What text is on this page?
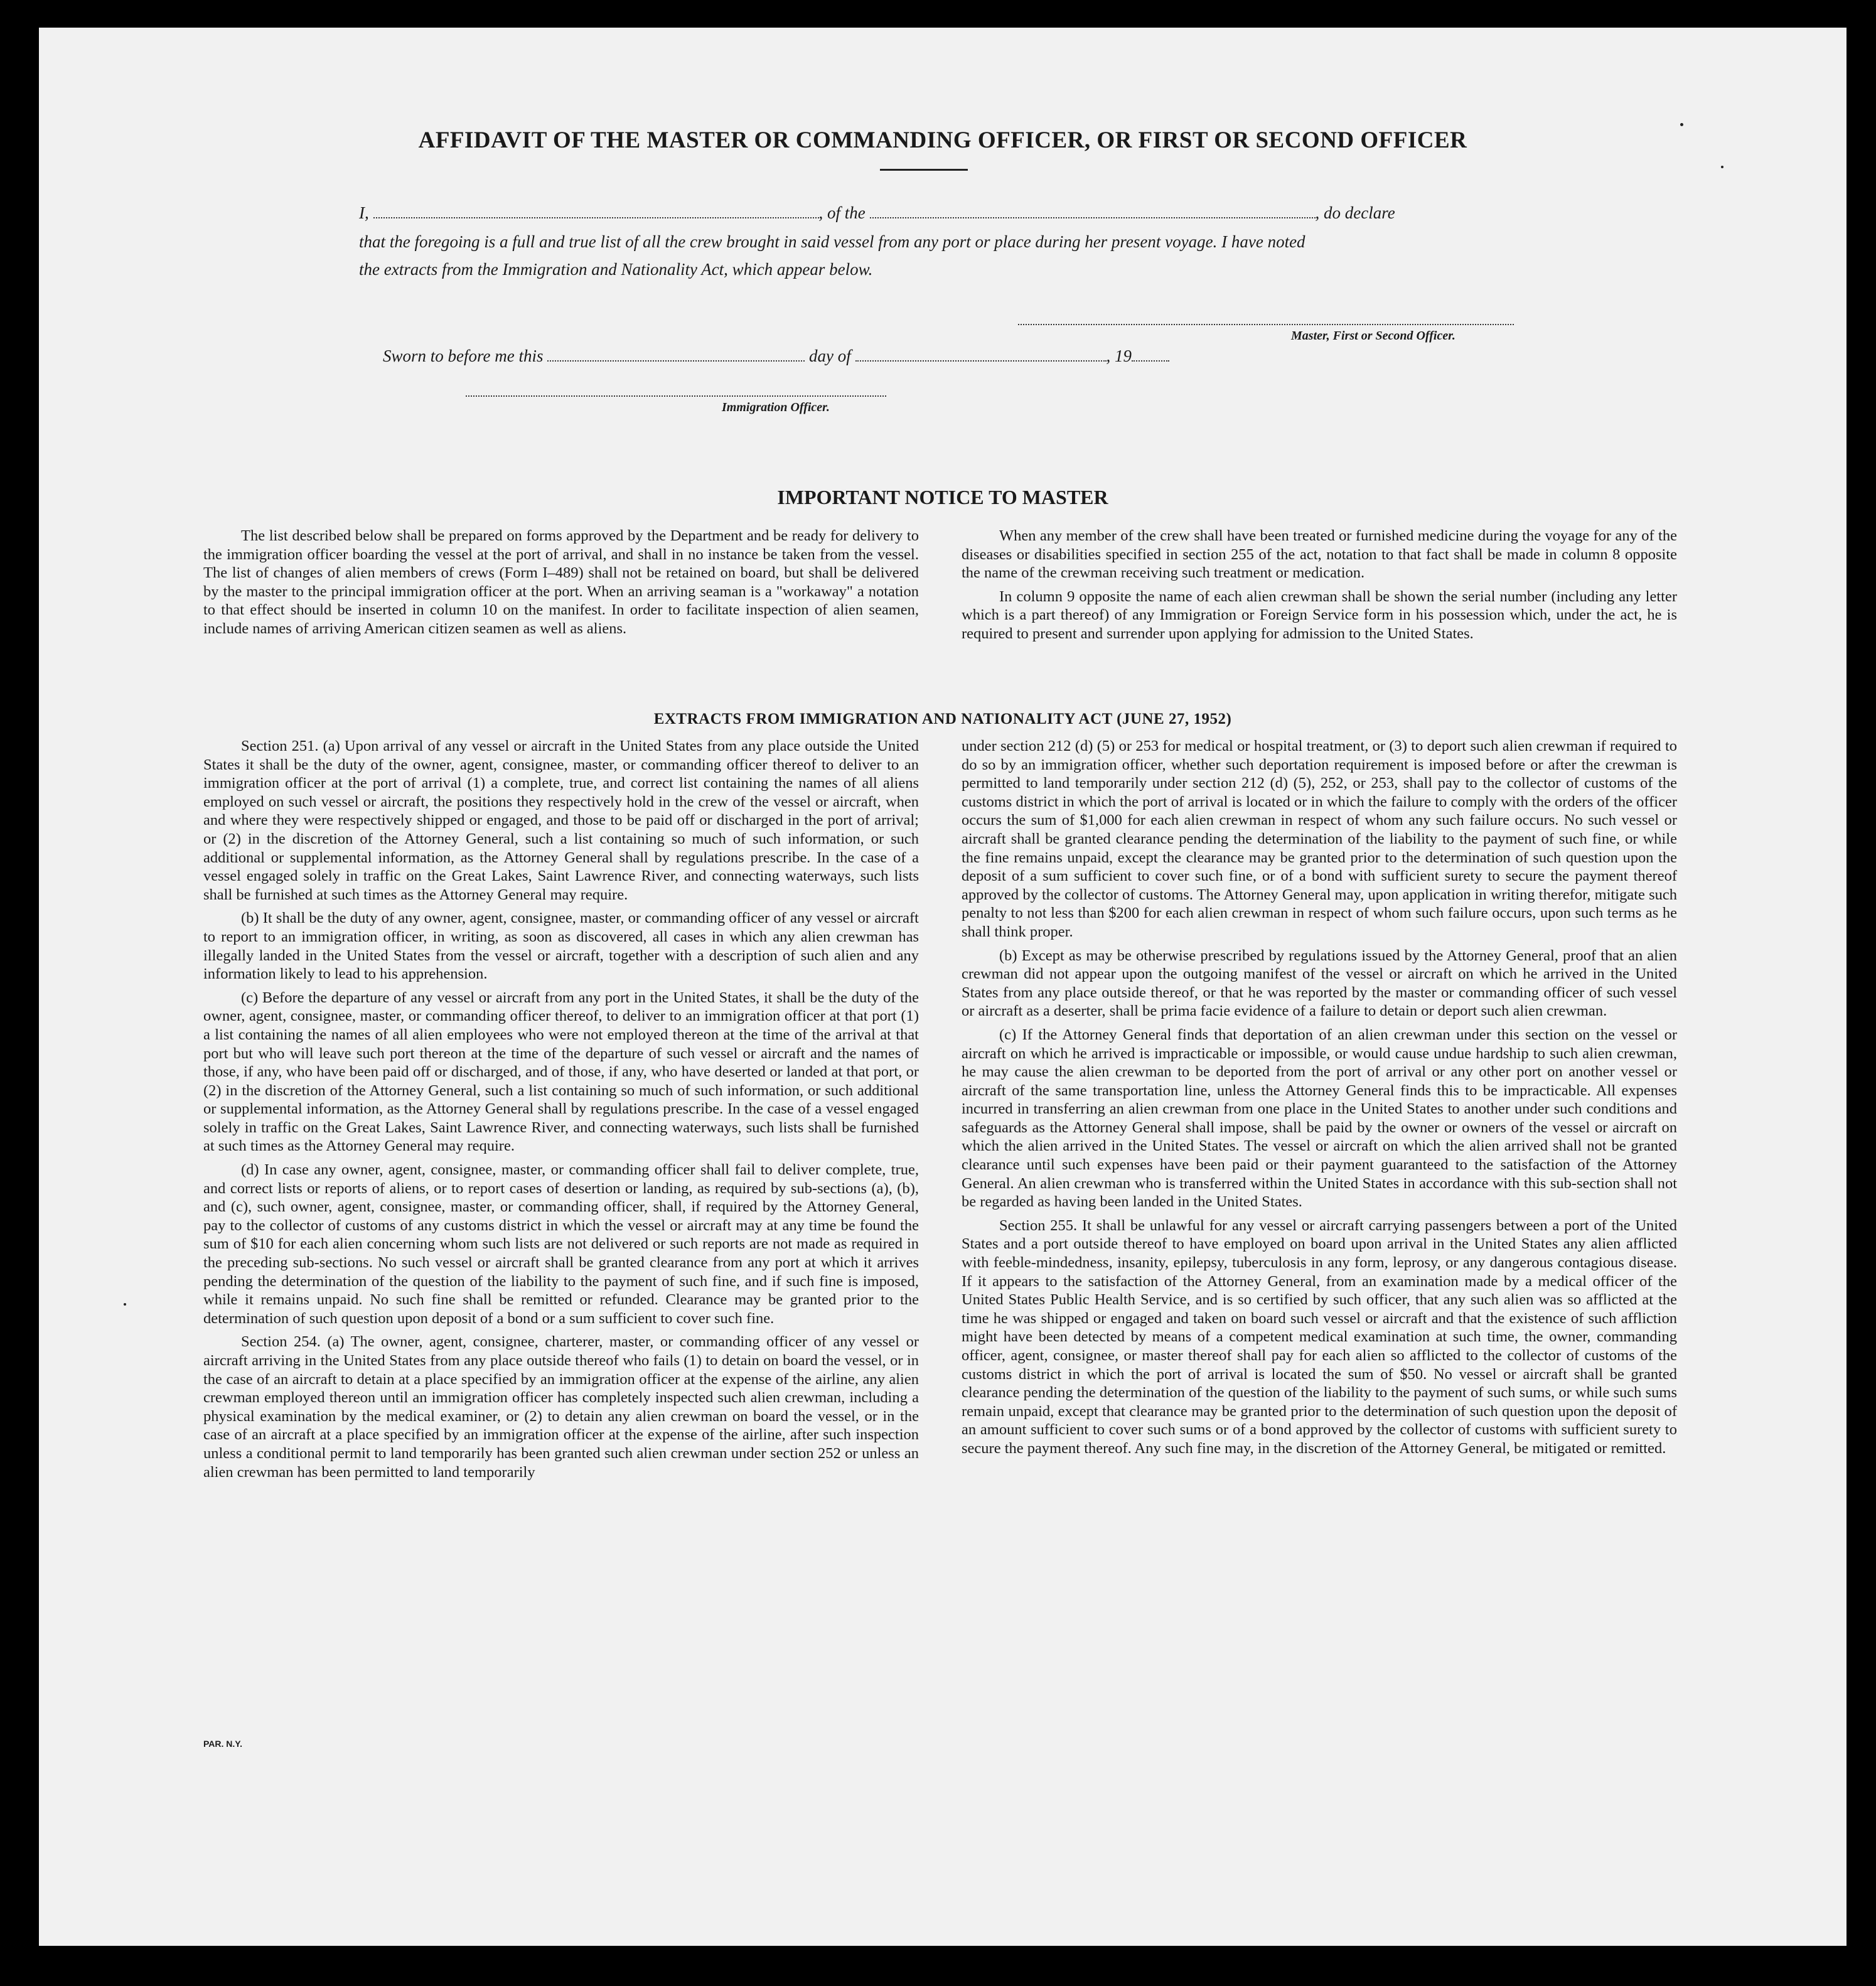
AFFIDAVIT OF THE MASTER OR COMMANDING OFFICER, OR FIRST OR SECOND OFFICER
I,	, of the	, do declare
that the foregoing is a full and true list of all the crew brought in said vessel from any port or place during her present voyage. I have noted
the extracts from the Immigration and Nationality Act, which appear below.
Master, First or Second Officer.
Sworn to before me this	day of	, 19
Immigration Officer.
IMPORTANT NOTICE TO MASTER

The list described below shall be prepared on forms approved by the Department and be ready for delivery to the immigration officer boarding the vessel at the port of arrival, and shall in no instance be taken from the vessel. The list of changes of alien members of crews (Form I–489) shall not be retained on board, but shall be delivered by the master to the principal immigration officer at the port. When an arriving seaman is a "workaway" a notation to that effect should be inserted in column 10 on the manifest. In order to facilitate inspection of alien seamen, include names of arriving American citizen seamen as well as aliens.

When any member of the crew shall have been treated or furnished medicine during the voyage for any of the diseases or disabilities specified in section 255 of the act, notation to that fact shall be made in column 8 opposite the name of the crewman receiving such treatment or medication.

In column 9 opposite the name of each alien crewman shall be shown the serial number (including any letter which is a part thereof) of any Immigration or Foreign Service form in his possession which, under the act, he is required to present and surrender upon applying for admission to the United States.

EXTRACTS FROM IMMIGRATION AND NATIONALITY ACT (JUNE 27, 1952)

Section 251. (a) Upon arrival of any vessel or aircraft in the United States from any place outside the United States it shall be the duty of the owner, agent, consignee, master, or commanding officer thereof to deliver to an immigration officer at the port of arrival (1) a complete, true, and correct list containing the names of all aliens employed on such vessel or aircraft, the positions they respectively hold in the crew of the vessel or aircraft, when and where they were respectively shipped or engaged, and those to be paid off or discharged in the port of arrival; or (2) in the discretion of the Attorney General, such a list containing so much of such information, or such additional or supplemental information, as the Attorney General shall by regulations prescribe. In the case of a vessel engaged solely in traffic on the Great Lakes, Saint Lawrence River, and connecting waterways, such lists shall be furnished at such times as the Attorney General may require.

(b) It shall be the duty of any owner, agent, consignee, master, or commanding officer of any vessel or aircraft to report to an immigration officer, in writing, as soon as discovered, all cases in which any alien crewman has illegally landed in the United States from the vessel or aircraft, together with a description of such alien and any information likely to lead to his apprehension.

(c) Before the departure of any vessel or aircraft from any port in the United States, it shall be the duty of the owner, agent, consignee, master, or commanding officer thereof, to deliver to an immigration officer at that port (1) a list containing the names of all alien employees who were not employed thereon at the time of the arrival at that port but who will leave such port thereon at the time of the departure of such vessel or aircraft and the names of those, if any, who have been paid off or discharged, and of those, if any, who have deserted or landed at that port, or (2) in the discretion of the Attorney General, such a list containing so much of such information, or such additional or supplemental information, as the Attorney General shall by regulations prescribe. In the case of a vessel engaged solely in traffic on the Great Lakes, Saint Lawrence River, and connecting waterways, such lists shall be furnished at such times as the Attorney General may require.

(d) In case any owner, agent, consignee, master, or commanding officer shall fail to deliver complete, true, and correct lists or reports of aliens, or to report cases of desertion or landing, as required by sub-sections (a), (b), and (c), such owner, agent, consignee, master, or commanding officer, shall, if required by the Attorney General, pay to the collector of customs of any customs district in which the vessel or aircraft may at any time be found the sum of $10 for each alien concerning whom such lists are not delivered or such reports are not made as required in the preceding sub-sections. No such vessel or aircraft shall be granted clearance from any port at which it arrives pending the determination of the question of the liability to the payment of such fine, and if such fine is imposed, while it remains unpaid. No such fine shall be remitted or refunded. Clearance may be granted prior to the determination of such question upon deposit of a bond or a sum sufficient to cover such fine.

Section 254. (a) The owner, agent, consignee, charterer, master, or commanding officer of any vessel or aircraft arriving in the United States from any place outside thereof who fails (1) to detain on board the vessel, or in the case of an aircraft to detain at a place specified by an immigration officer at the expense of the airline, any alien crewman employed thereon until an immigration officer has completely inspected such alien crewman, including a physical examination by the medical examiner, or (2) to detain any alien crewman on board the vessel, or in the case of an aircraft at a place specified by an immigration officer at the expense of the airline, after such inspection unless a conditional permit to land temporarily has been granted such alien crewman under section 252 or unless an alien crewman has been permitted to land temporarily

under section 212 (d) (5) or 253 for medical or hospital treatment, or (3) to deport such alien crewman if required to do so by an immigration officer, whether such deportation requirement is imposed before or after the crewman is permitted to land temporarily under section 212 (d) (5), 252, or 253, shall pay to the collector of customs of the customs district in which the port of arrival is located or in which the failure to comply with the orders of the officer occurs the sum of $1,000 for each alien crewman in respect of whom any such failure occurs. No such vessel or aircraft shall be granted clearance pending the determination of the liability to the payment of such fine, or while the fine remains unpaid, except the clearance may be granted prior to the determination of such question upon the deposit of a sum sufficient to cover such fine, or of a bond with sufficient surety to secure the payment thereof approved by the collector of customs. The Attorney General may, upon application in writing therefor, mitigate such penalty to not less than $200 for each alien crewman in respect of whom such failure occurs, upon such terms as he shall think proper.

(b) Except as may be otherwise prescribed by regulations issued by the Attorney General, proof that an alien crewman did not appear upon the outgoing manifest of the vessel or aircraft on which he arrived in the United States from any place outside thereof, or that he was reported by the master or commanding officer of such vessel or aircraft as a deserter, shall be prima facie evidence of a failure to detain or deport such alien crewman.

(c) If the Attorney General finds that deportation of an alien crewman under this section on the vessel or aircraft on which he arrived is impracticable or impossible, or would cause undue hardship to such alien crewman, he may cause the alien crewman to be deported from the port of arrival or any other port on another vessel or aircraft of the same transportation line, unless the Attorney General finds this to be impracticable. All expenses incurred in transferring an alien crewman from one place in the United States to another under such conditions and safeguards as the Attorney General shall impose, shall be paid by the owner or owners of the vessel or aircraft on which the alien arrived in the United States. The vessel or aircraft on which the alien arrived shall not be granted clearance until such expenses have been paid or their payment guaranteed to the satisfaction of the Attorney General. An alien crewman who is transferred within the United States in accordance with this sub-section shall not be regarded as having been landed in the United States.

Section 255. It shall be unlawful for any vessel or aircraft carrying passengers between a port of the United States and a port outside thereof to have employed on board upon arrival in the United States any alien afflicted with feeble-mindedness, insanity, epilepsy, tuberculosis in any form, leprosy, or any dangerous contagious disease. If it appears to the satisfaction of the Attorney General, from an examination made by a medical officer of the United States Public Health Service, and is so certified by such officer, that any such alien was so afflicted at the time he was shipped or engaged and taken on board such vessel or aircraft and that the existence of such affliction might have been detected by means of a competent medical examination at such time, the owner, commanding officer, agent, consignee, or master thereof shall pay for each alien so afflicted to the collector of customs of the customs district in which the port of arrival is located the sum of $50. No vessel or aircraft shall be granted clearance pending the determination of the question of the liability to the payment of such sums, or while such sums remain unpaid, except that clearance may be granted prior to the determination of such question upon the deposit of an amount sufficient to cover such sums or of a bond approved by the collector of customs with sufficient surety to secure the payment thereof. Any such fine may, in the discretion of the Attorney General, be mitigated or remitted.

PAR. N.Y.
